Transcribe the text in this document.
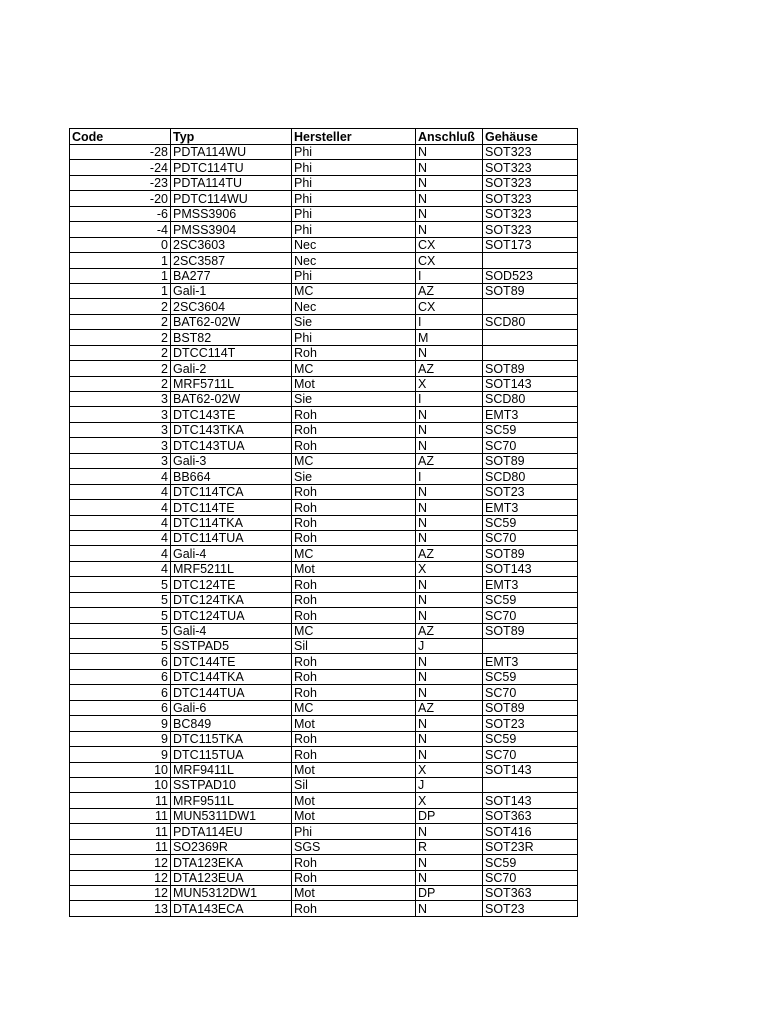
Code	Typ	Hersteller	Anschluß	Gehäuse
-28	PDTA114WU	Phi	N	SOT323
-24	PDTC114TU	Phi	N	SOT323
-23	PDTA114TU	Phi	N	SOT323
-20	PDTC114WU	Phi	N	SOT323
-6	PMSS3906	Phi	N	SOT323
-4	PMSS3904	Phi	N	SOT323
0	2SC3603	Nec	CX	SOT173
1	2SC3587	Nec	CX	
1	BA277	Phi	I	SOD523
1	Gali-1	MC	AZ	SOT89
2	2SC3604	Nec	CX	
2	BAT62-02W	Sie	I	SCD80
2	BST82	Phi	M	
2	DTCC114T	Roh	N	
2	Gali-2	MC	AZ	SOT89
2	MRF5711L	Mot	X	SOT143
3	BAT62-02W	Sie	I	SCD80
3	DTC143TE	Roh	N	EMT3
3	DTC143TKA	Roh	N	SC59
3	DTC143TUA	Roh	N	SC70
3	Gali-3	MC	AZ	SOT89
4	BB664	Sie	I	SCD80
4	DTC114TCA	Roh	N	SOT23
4	DTC114TE	Roh	N	EMT3
4	DTC114TKA	Roh	N	SC59
4	DTC114TUA	Roh	N	SC70
4	Gali-4	MC	AZ	SOT89
4	MRF5211L	Mot	X	SOT143
5	DTC124TE	Roh	N	EMT3
5	DTC124TKA	Roh	N	SC59
5	DTC124TUA	Roh	N	SC70
5	Gali-4	MC	AZ	SOT89
5	SSTPAD5	Sil	J	
6	DTC144TE	Roh	N	EMT3
6	DTC144TKA	Roh	N	SC59
6	DTC144TUA	Roh	N	SC70
6	Gali-6	MC	AZ	SOT89
9	BC849	Mot	N	SOT23
9	DTC115TKA	Roh	N	SC59
9	DTC115TUA	Roh	N	SC70
10	MRF9411L	Mot	X	SOT143
10	SSTPAD10	Sil	J	
11	MRF9511L	Mot	X	SOT143
11	MUN5311DW1	Mot	DP	SOT363
11	PDTA114EU	Phi	N	SOT416
11	SO2369R	SGS	R	SOT23R
12	DTA123EKA	Roh	N	SC59
12	DTA123EUA	Roh	N	SC70
12	MUN5312DW1	Mot	DP	SOT363
13	DTA143ECA	Roh	N	SOT23
